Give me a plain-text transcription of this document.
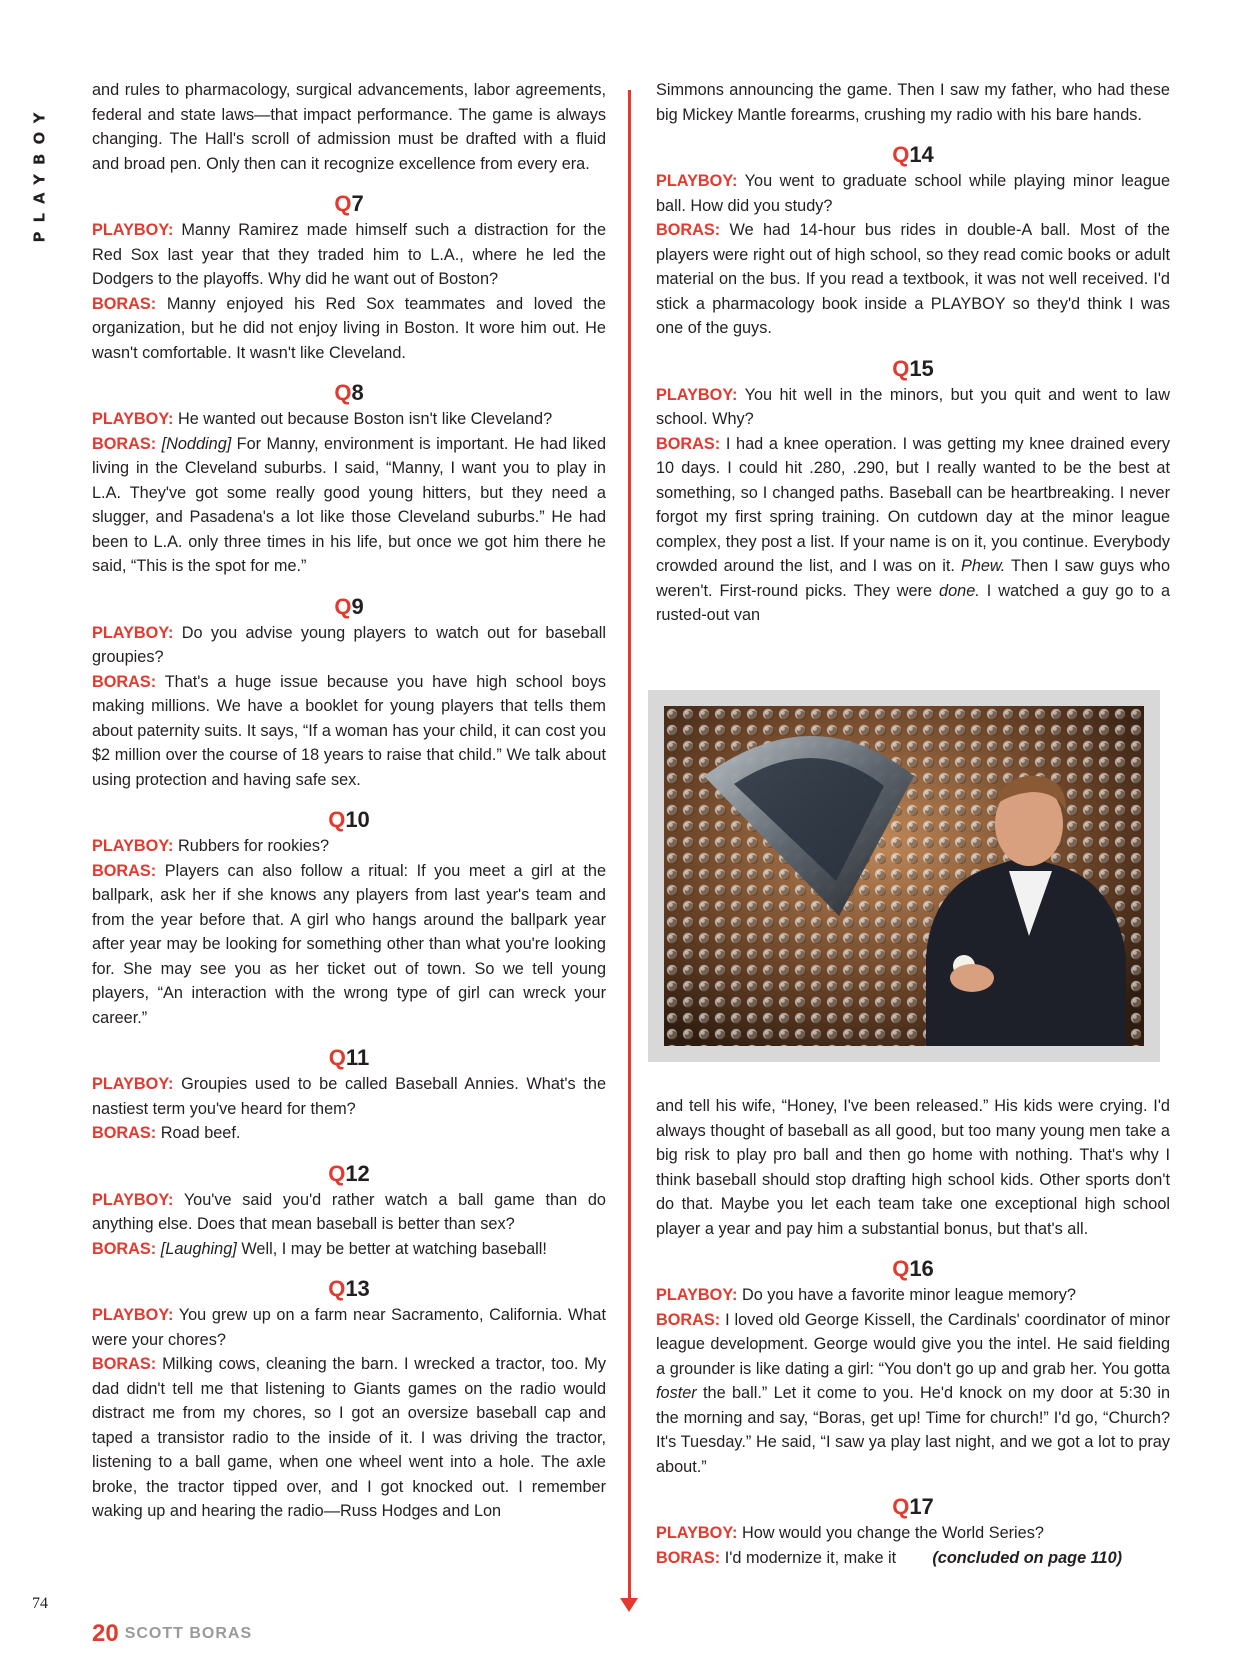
PLAYBOY

and rules to pharmacology, surgical advancements, labor agreements, federal and state laws—that impact performance. The game is always changing. The Hall's scroll of admission must be drafted with a fluid and broad pen. Only then can it recognize excellence from every era.

Q7

PLAYBOY: Manny Ramirez made himself such a distraction for the Red Sox last year that they traded him to L.A., where he led the Dodgers to the playoffs. Why did he want out of Boston?

BORAS: Manny enjoyed his Red Sox teammates and loved the organization, but he did not enjoy living in Boston. It wore him out. He wasn't comfortable. It wasn't like Cleveland.

Q8

PLAYBOY: He wanted out because Boston isn't like Cleveland?

BORAS: [Nodding] For Manny, environment is important. He had liked living in the Cleveland suburbs. I said, “Manny, I want you to play in L.A. They've got some really good young hitters, but they need a slugger, and Pasadena's a lot like those Cleveland suburbs.” He had been to L.A. only three times in his life, but once we got him there he said, “This is the spot for me.”

Q9

PLAYBOY: Do you advise young players to watch out for baseball groupies?

BORAS: That's a huge issue because you have high school boys making millions. We have a booklet for young players that tells them about paternity suits. It says, “If a woman has your child, it can cost you $2 million over the course of 18 years to raise that child.” We talk about using protection and having safe sex.

Q10

PLAYBOY: Rubbers for rookies?

BORAS: Players can also follow a ritual: If you meet a girl at the ballpark, ask her if she knows any players from last year's team and from the year before that. A girl who hangs around the ballpark year after year may be looking for something other than what you're looking for. She may see you as her ticket out of town. So we tell young players, “An interaction with the wrong type of girl can wreck your career.”

Q11

PLAYBOY: Groupies used to be called Baseball Annies. What's the nastiest term you've heard for them?

BORAS: Road beef.

Q12

PLAYBOY: You've said you'd rather watch a ball game than do anything else. Does that mean baseball is better than sex?

BORAS: [Laughing] Well, I may be better at watching baseball!

Q13

PLAYBOY: You grew up on a farm near Sacramento, California. What were your chores?

BORAS: Milking cows, cleaning the barn. I wrecked a tractor, too. My dad didn't tell me that listening to Giants games on the radio would distract me from my chores, so I got an oversize baseball cap and taped a transistor radio to the inside of it. I was driving the tractor, listening to a ball game, when one wheel went into a hole. The axle broke, the tractor tipped over, and I got knocked out. I remember waking up and hearing the radio—Russ Hodges and Lon

Simmons announcing the game. Then I saw my father, who had these big Mickey Mantle forearms, crushing my radio with his bare hands.

Q14

PLAYBOY: You went to graduate school while playing minor league ball. How did you study?

BORAS: We had 14-hour bus rides in double-A ball. Most of the players were right out of high school, so they read comic books or adult material on the bus. If you read a textbook, it was not well received. I'd stick a pharmacology book inside a PLAYBOY so they'd think I was one of the guys.

Q15

PLAYBOY: You hit well in the minors, but you quit and went to law school. Why?

BORAS: I had a knee operation. I was getting my knee drained every 10 days. I could hit .280, .290, but I really wanted to be the best at something, so I changed paths. Baseball can be heartbreaking. I never forgot my first spring training. On cutdown day at the minor league complex, they post a list. If your name is on it, you continue. Everybody crowded around the list, and I was on it. Phew. Then I saw guys who weren't. First-round picks. They were done. I watched a guy go to a rusted-out van

and tell his wife, “Honey, I've been released.” His kids were crying. I'd always thought of baseball as all good, but too many young men take a big risk to play pro ball and then go home with nothing. That's why I think baseball should stop drafting high school kids. Other sports don't do that. Maybe you let each team take one exceptional high school player a year and pay him a substantial bonus, but that's all.

Q16

PLAYBOY: Do you have a favorite minor league memory?

BORAS: I loved old George Kissell, the Cardinals' coordinator of minor league development. George would give you the intel. He said fielding a grounder is like dating a girl: “You don't go up and grab her. You gotta foster the ball.” Let it come to you. He'd knock on my door at 5:30 in the morning and say, “Boras, get up! Time for church!” I'd go, “Church? It's Tuesday.” He said, “I saw ya play last night, and we got a lot to pray about.”

Q17

PLAYBOY: How would you change the World Series?

BORAS: I'd modernize it, make it (concluded on page 110)

74
20 SCOTT BORAS
